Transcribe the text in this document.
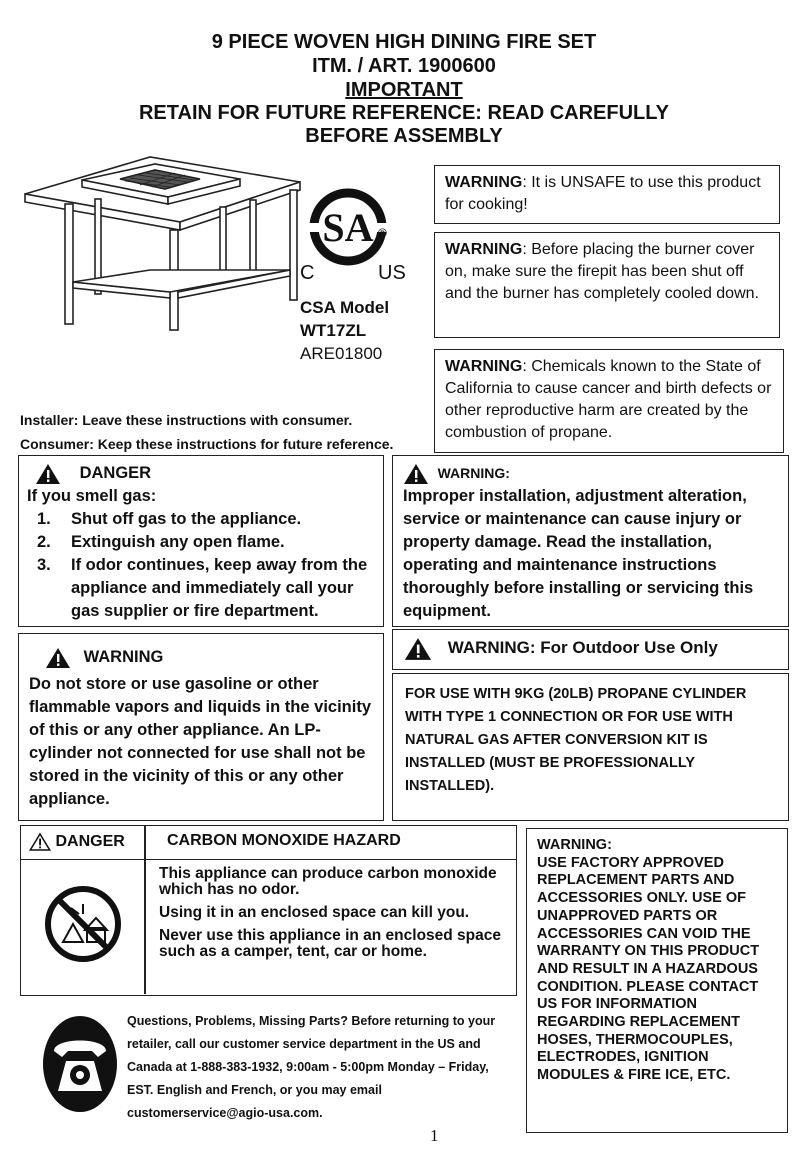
9 PIECE WOVEN HIGH DINING FIRE SET
ITM. / ART. 1900600
IMPORTANT
RETAIN FOR FUTURE REFERENCE: READ CAREFULLY
BEFORE ASSEMBLY
SA ®
C	US
CSA Model
WT17ZL
ARE01800
WARNING: It is UNSAFE to use this product for cooking!
WARNING: Before placing the burner cover on, make sure the firepit has been shut off and the burner has completely cooled down.
WARNING: Chemicals known to the State of California to cause cancer and birth defects or other reproductive harm are created by the combustion of propane.
Installer: Leave these instructions with consumer.
Consumer: Keep these instructions for future reference.
DANGER
If you smell gas:
1. Shut off gas to the appliance.
2. Extinguish any open flame.
3. If odor continues, keep away from the appliance and immediately call your gas supplier or fire department.
WARNING:
Improper installation, adjustment alteration, service or maintenance can cause injury or property damage. Read the installation, operating and maintenance instructions thoroughly before installing or servicing this equipment.
WARNING
Do not store or use gasoline or other flammable vapors and liquids in the vicinity of this or any other appliance. An LP-cylinder not connected for use shall not be stored in the vicinity of this or any other appliance.
WARNING: For Outdoor Use Only
FOR USE WITH 9KG (20LB) PROPANE CYLINDER WITH TYPE 1 CONNECTION OR FOR USE WITH NATURAL GAS AFTER CONVERSION KIT IS INSTALLED (MUST BE PROFESSIONALLY INSTALLED).
DANGER	CARBON MONOXIDE HAZARD
This appliance can produce carbon monoxide which has no odor.
Using it in an enclosed space can kill you.
Never use this appliance in an enclosed space such as a camper, tent, car or home.
WARNING:
USE FACTORY APPROVED REPLACEMENT PARTS AND ACCESSORIES ONLY. USE OF UNAPPROVED PARTS OR ACCESSORIES CAN VOID THE WARRANTY ON THIS PRODUCT AND RESULT IN A HAZARDOUS CONDITION. PLEASE CONTACT US FOR INFORMATION REGARDING REPLACEMENT HOSES, THERMOCOUPLES, ELECTRODES, IGNITION MODULES & FIRE ICE, ETC.
Questions, Problems, Missing Parts? Before returning to your retailer, call our customer service department in the US and Canada at 1-888-383-1932, 9:00am - 5:00pm Monday – Friday, EST. English and French, or you may email customerservice@agio-usa.com.
1
